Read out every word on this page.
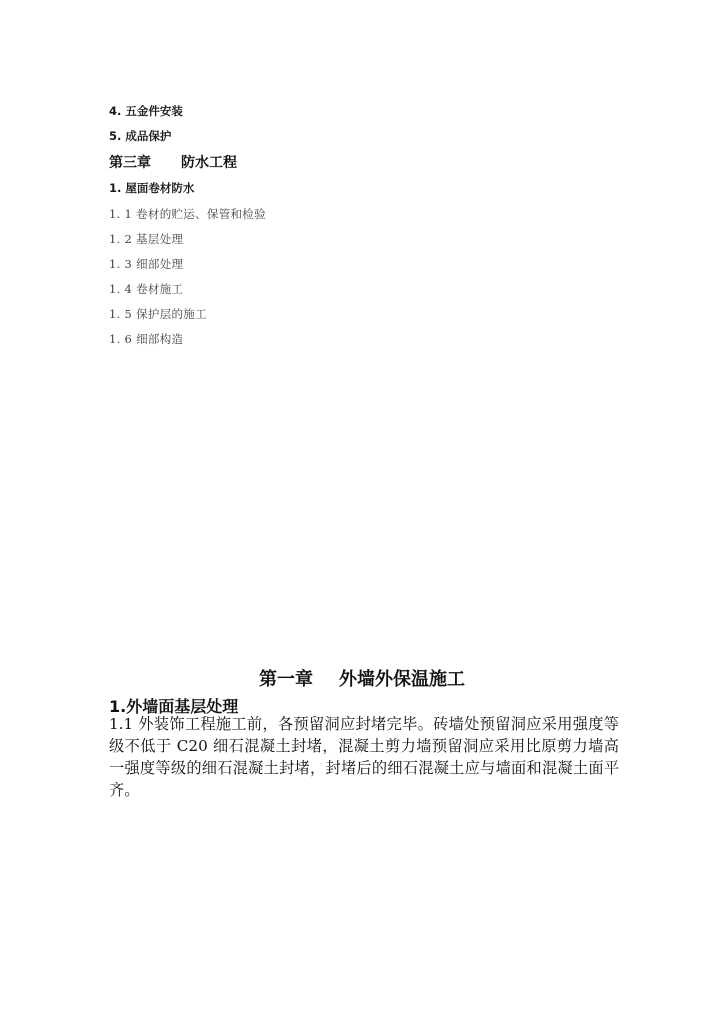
4. 五金件安装
5. 成品保护
第三章 防水工程
1. 屋面卷材防水
1. 1 卷材的贮运、保管和检验
1. 2 基层处理
1. 3 细部处理
1. 4 卷材施工
1. 5 保护层的施工
1. 6 细部构造
第一章 外墙外保温施工
1.外墙面基层处理
1.1 外装饰工程施工前，各预留洞应封堵完毕。砖墙处预留洞应采用强度等级不低于 C20 细石混凝土封堵，混凝土剪力墙预留洞应采用比原剪力墙高一强度等级的细石混凝土封堵，封堵后的细石混凝土应与墙面和混凝土面平齐。
